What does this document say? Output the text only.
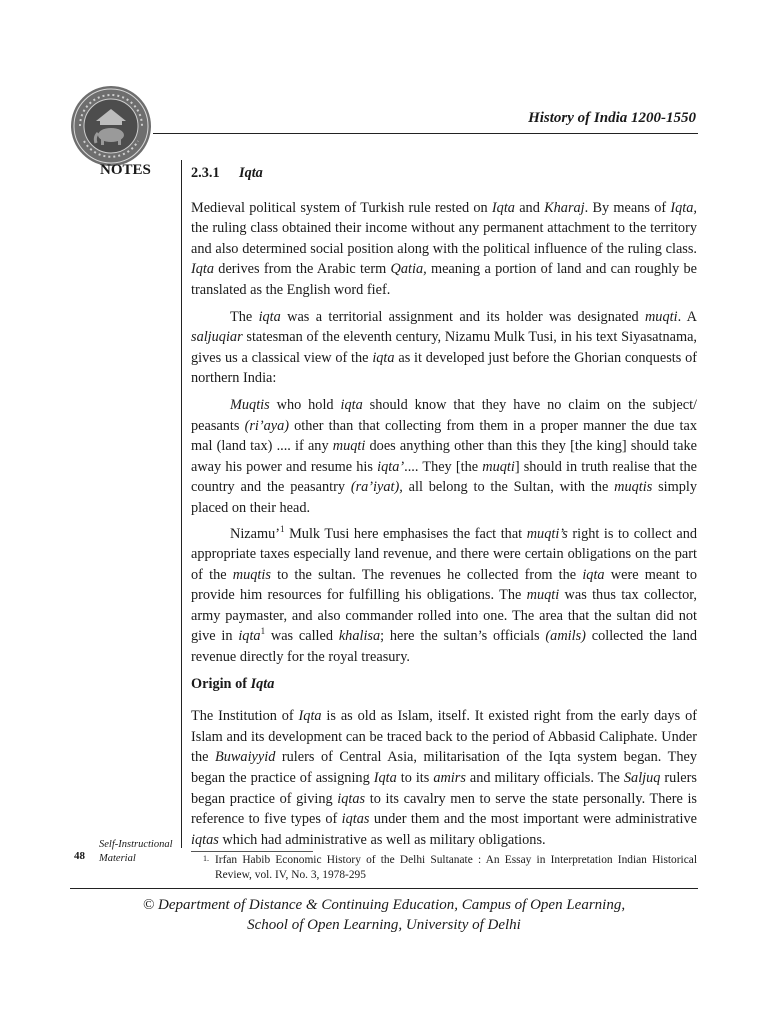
History of India 1200-1550
NOTES	2.3.1 Iqta

Medieval political system of Turkish rule rested on Iqta and Kharaj. By means of Iqta, the ruling class obtained their income without any permanent attachment to the territory and also determined social position along with the political influence of the ruling class. Iqta derives from the Arabic term Qatia, meaning a portion of land and can roughly be translated as the English word fief.

The iqta was a territorial assignment and its holder was designated muqti. A saljuqiar statesman of the eleventh century, Nizamu Mulk Tusi, in his text Siyasatnama, gives us a classical view of the iqta as it developed just before the Ghorian conquests of northern India:

Muqtis who hold iqta should know that they have no claim on the subject/ peasants (ri’aya) other than that collecting from them in a proper manner the due tax mal (land tax) .... if any muqti does anything other than this they [the king] should take away his power and resume his iqta’.... They [the muqti] should in truth realise that the country and the peasantry (ra’iyat), all belong to the Sultan, with the muqtis simply placed on their head.

Nizamu’$^1$ Mulk Tusi here emphasises the fact that muqti’s right is to collect and appropriate taxes especially land revenue, and there were certain obligations on the part of the muqtis to the sultan. The revenues he collected from the iqta were meant to provide him resources for fulfilling his obligations. The muqti was thus tax collector, army paymaster, and also commander rolled into one. The area that the sultan did not give in iqta$^1$ was called khalisa; here the sultan’s officials (amils) collected the land revenue directly for the royal treasury.

Origin of Iqta

The Institution of Iqta is as old as Islam, itself. It existed right from the early days of Islam and its development can be traced back to the period of Abbasid Caliphate. Under the Buwaiyyid rulers of Central Asia, militarisation of the Iqta system began. They began the practice of assigning Iqta to its amirs and military officials. The Saljuq rulers began practice of giving iqtas to its cavalry men to serve the state personally. There is reference to five types of iqtas under them and the most important were administrative iqtas which had administrative as well as military obligations.

Self-Instructional
Material
48	1. Irfan Habib Economic History of the Delhi Sultanate : An Essay in Interpretation Indian Historical Review, vol. IV, No. 3, 1978-295
© Department of Distance & Continuing Education, Campus of Open Learning,
School of Open Learning, University of Delhi
